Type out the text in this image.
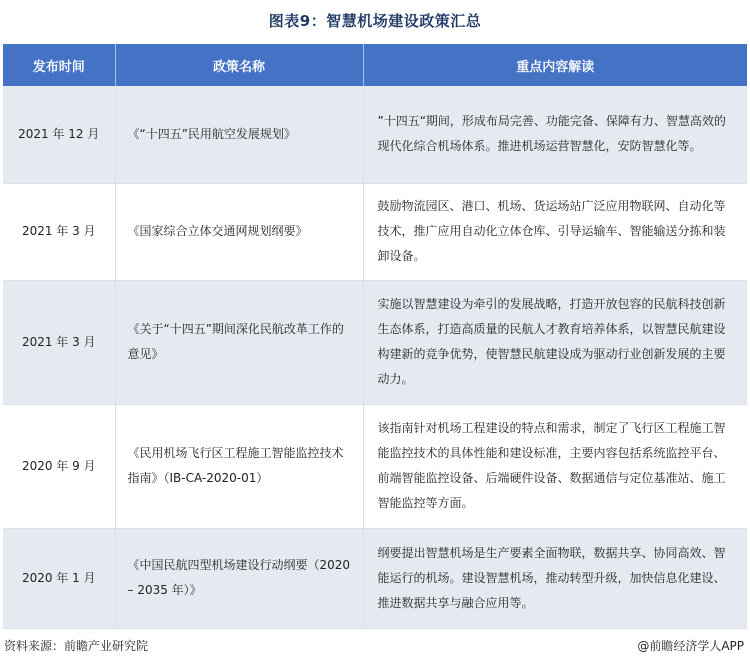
图表9：智慧机场建设政策汇总
发布时间	政策名称	重点内容解读
2021 年 12 月	《“十四五”民用航空发展规划》	”十四五“期间，形成布局完善、功能完备、保障有力、智慧高效的现代化综合机场体系。推进机场运营智慧化，安防智慧化等。
2021 年 3 月	《国家综合立体交通网规划纲要》	鼓励物流园区、港口、机场、货运场站广泛应用物联网、自动化等技术，推广应用自动化立体仓库、引导运输车、智能输送分拣和装卸设备。
2021 年 3 月	《关于“十四五”期间深化民航改革工作的意见》	实施以智慧建设为牵引的发展战略，打造开放包容的民航科技创新生态体系，打造高质量的民航人才教育培养体系，以智慧民航建设构建新的竞争优势，使智慧民航建设成为驱动行业创新发展的主要动力。
2020 年 9 月	《民用机场飞行区工程施工智能监控技术指南》（IB-CA-2020-01）	该指南针对机场工程建设的特点和需求，制定了飞行区工程施工智能监控技术的具体性能和建设标准，主要内容包括系统监控平台、前端智能监控设备、后端硬件设备、数据通信与定位基准站、施工智能监控等方面。
2020 年 1 月	《中国民航四型机场建设行动纲要（2020 – 2035 年）》	纲要提出智慧机场是生产要素全面物联，数据共享、协同高效、智能运行的机场。建设智慧机场，推动转型升级，加快信息化建设、推进数据共享与融合应用等。
资料来源：前瞻产业研究院	@前瞻经济学人APP
